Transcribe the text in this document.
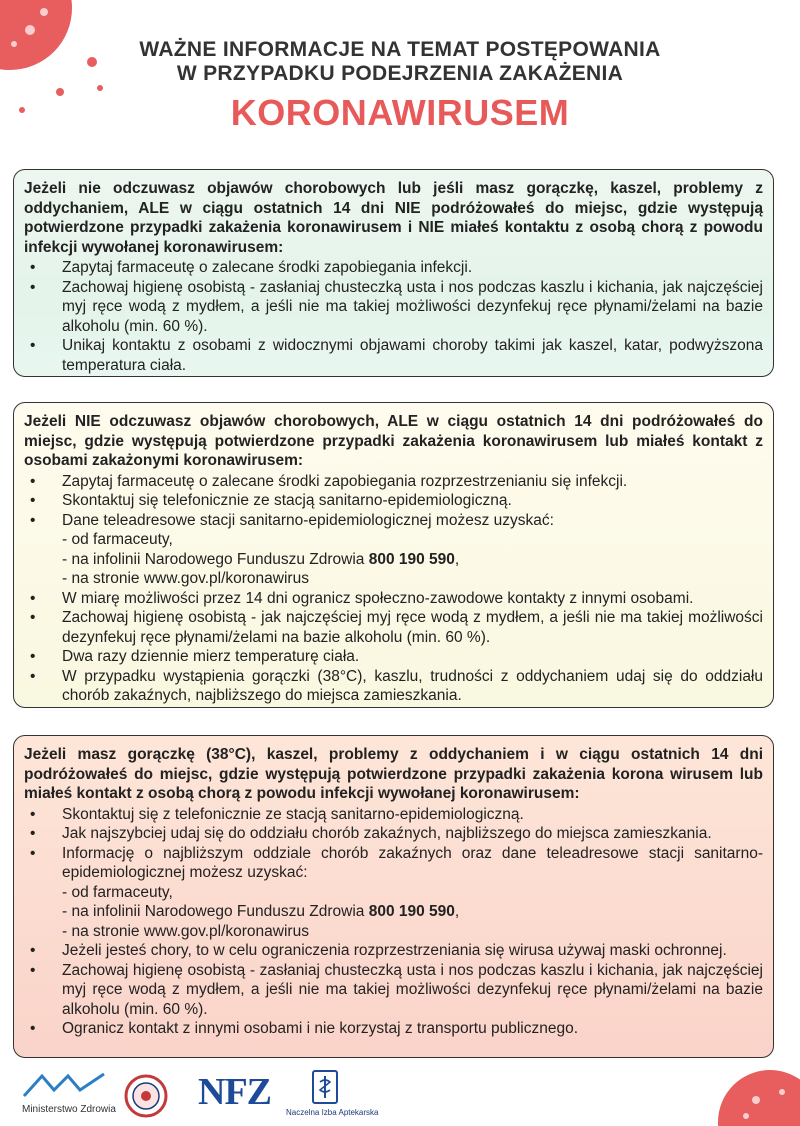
WAŻNE INFORMACJE NA TEMAT POSTĘPOWANIA
W PRZYPADKU PODEJRZENIA ZAKAŻENIA
KORONAWIRUSEM

Jeżeli nie odczuwasz objawów chorobowych lub jeśli masz gorączkę, kaszel, problemy z oddychaniem, ALE w ciągu ostatnich 14 dni NIE podróżowałeś do miejsc, gdzie występują potwierdzone przypadki zakażenia koronawirusem i NIE miałeś kontaktu z osobą chorą z powodu infekcji wywołanej koronawirusem:

• Zapytaj farmaceutę o zalecane środki zapobiegania infekcji.
• Zachowaj higienę osobistą - zasłaniaj chusteczką usta i nos podczas kaszlu i kichania, jak najczęściej myj ręce wodą z mydłem, a jeśli nie ma takiej możliwości dezynfekuj ręce płynami/żelami na bazie alkoholu (min. 60 %).
• Unikaj kontaktu z osobami z widocznymi objawami choroby takimi jak kaszel, katar, podwyższona temperatura ciała.

Jeżeli NIE odczuwasz objawów chorobowych, ALE w ciągu ostatnich 14 dni podróżowałeś do miejsc, gdzie występują potwierdzone przypadki zakażenia koronawirusem lub miałeś kontakt z osobami zakażonymi koronawirusem:

• Zapytaj farmaceutę o zalecane środki zapobiegania rozprzestrzenianiu się infekcji.
• Skontaktuj się telefonicznie ze stacją sanitarno-epidemiologiczną.
• Dane teleadresowe stacji sanitarno-epidemiologicznej możesz uzyskać:
- od farmaceuty,
- na infolinii Narodowego Funduszu Zdrowia 800 190 590,
- na stronie www.gov.pl/koronawirus
• W miarę możliwości przez 14 dni ogranicz społeczno-zawodowe kontakty z innymi osobami.
• Zachowaj higienę osobistą - jak najczęściej myj ręce wodą z mydłem, a jeśli nie ma takiej możliwości dezynfekuj ręce płynami/żelami na bazie alkoholu (min. 60 %).
• Dwa razy dziennie mierz temperaturę ciała.
• W przypadku wystąpienia gorączki (38°C), kaszlu, trudności z oddychaniem udaj się do oddziału chorób zakaźnych, najbliższego do miejsca zamieszkania.

Jeżeli masz gorączkę (38°C), kaszel, problemy z oddychaniem i w ciągu ostatnich 14 dni podróżowałeś do miejsc, gdzie występują potwierdzone przypadki zakażenia korona wirusem lub miałeś kontakt z osobą chorą z powodu infekcji wywołanej koronawirusem:

• Skontaktuj się z telefonicznie ze stacją sanitarno-epidemiologiczną.
• Jak najszybciej udaj się do oddziału chorób zakaźnych, najbliższego do miejsca zamieszkania.
• Informację o najbliższym oddziale chorób zakaźnych oraz dane teleadresowe stacji sanitarno-epidemiologicznej możesz uzyskać:
- od farmaceuty,
- na infolinii Narodowego Funduszu Zdrowia 800 190 590,
- na stronie www.gov.pl/koronawirus
• Jeżeli jesteś chory, to w celu ograniczenia rozprzestrzeniania się wirusa używaj maski ochronnej.
• Zachowaj higienę osobistą - zasłaniaj chusteczką usta i nos podczas kaszlu i kichania, jak najczęściej myj ręce wodą z mydłem, a jeśli nie ma takiej możliwości dezynfekuj ręce płynami/żelami na bazie alkoholu (min. 60 %).
• Ogranicz kontakt z innymi osobami i nie korzystaj z transportu publicznego.
Ministerstwo Zdrowia NFZ Naczelna Izba Aptekarska
